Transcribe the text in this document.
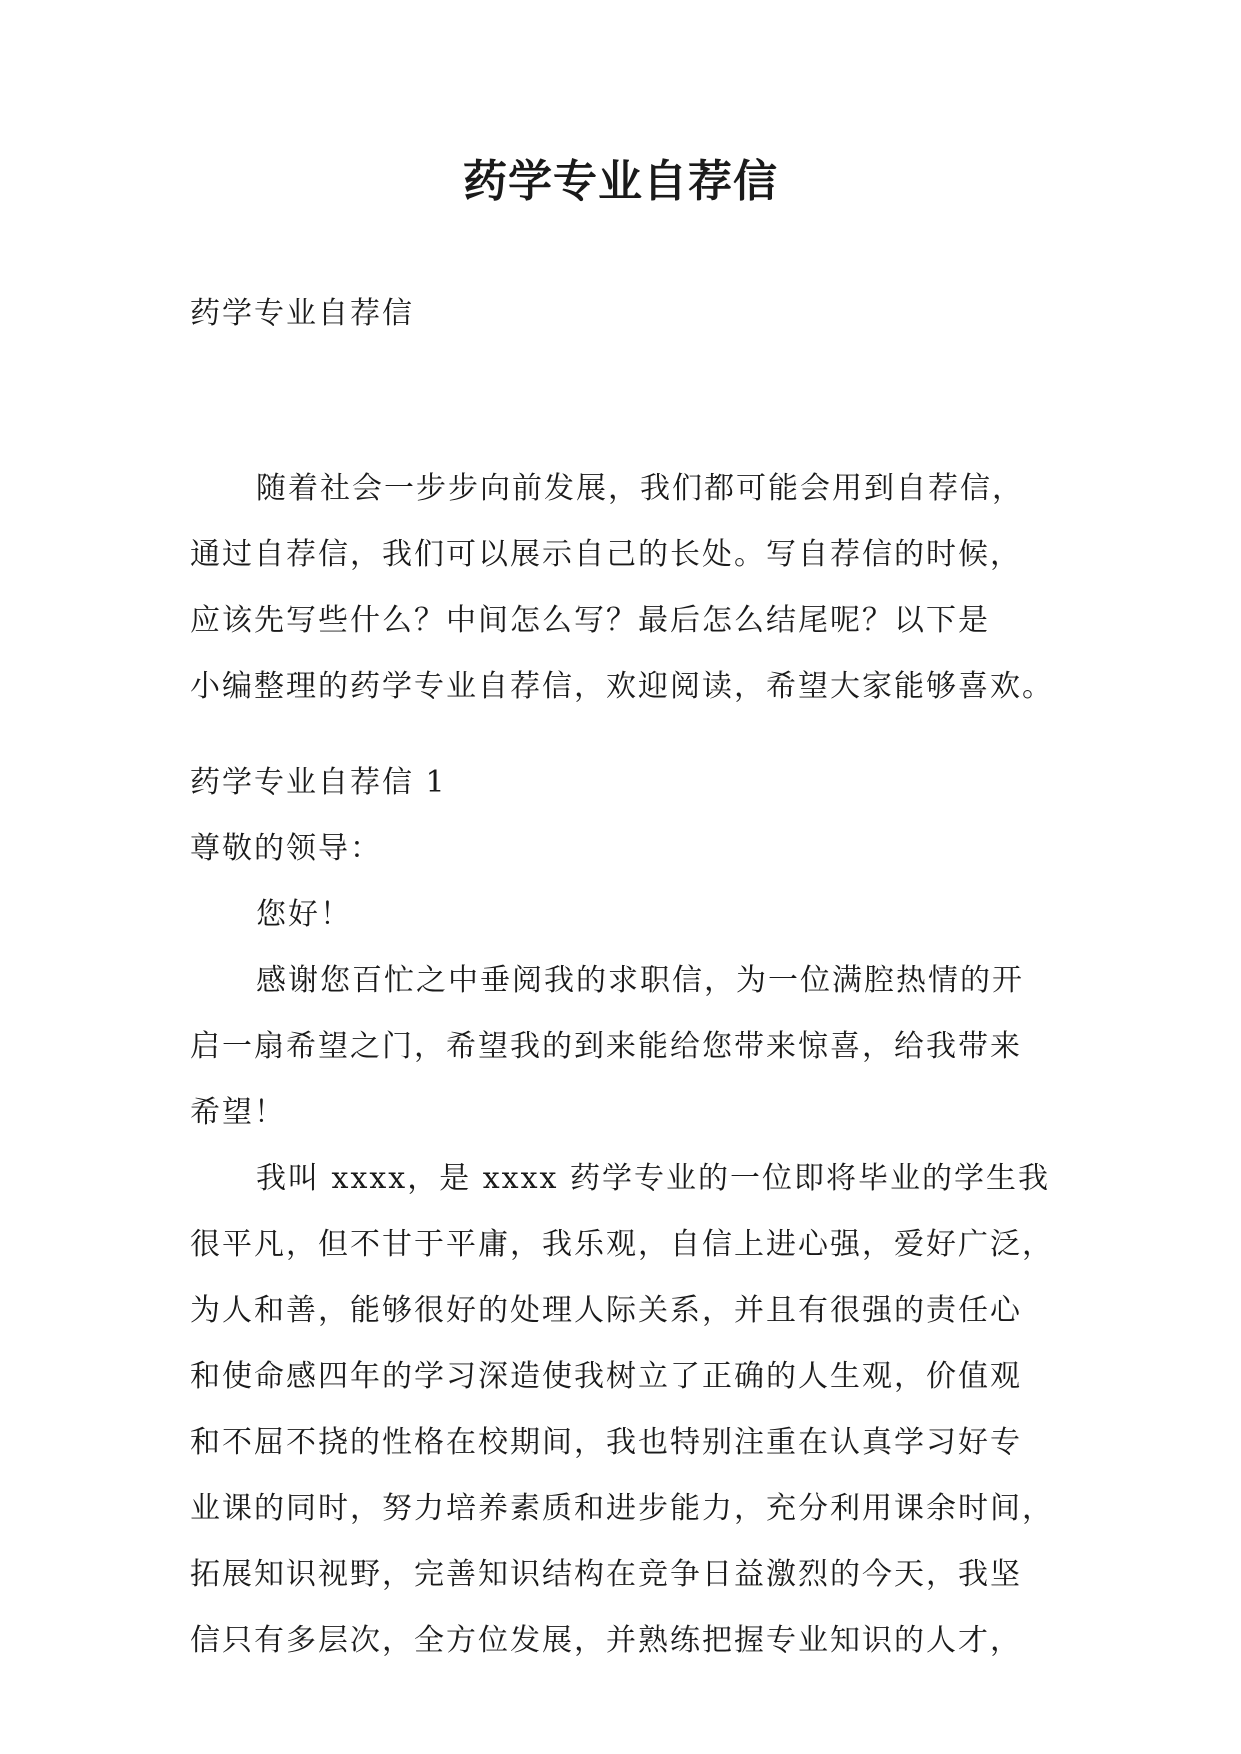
药学专业自荐信
药学专业自荐信
随着社会一步步向前发展，我们都可能会用到自荐信，
通过自荐信，我们可以展示自己的长处。写自荐信的时候，
应该先写些什么？中间怎么写？最后怎么结尾呢？以下是
小编整理的药学专业自荐信，欢迎阅读，希望大家能够喜欢。
药学专业自荐信 1
尊敬的领导：
您好！
感谢您百忙之中垂阅我的求职信，为一位满腔热情的开
启一扇希望之门，希望我的到来能给您带来惊喜，给我带来
希望！
我叫 xxxx，是 xxxx 药学专业的一位即将毕业的学生我
很平凡，但不甘于平庸，我乐观，自信上进心强，爱好广泛，
为人和善，能够很好的处理人际关系，并且有很强的责任心
和使命感四年的学习深造使我树立了正确的人生观，价值观
和不屈不挠的性格在校期间，我也特别注重在认真学习好专
业课的同时，努力培养素质和进步能力，充分利用课余时间，
拓展知识视野，完善知识结构在竞争日益激烈的今天，我坚
信只有多层次，全方位发展，并熟练把握专业知识的人才，
